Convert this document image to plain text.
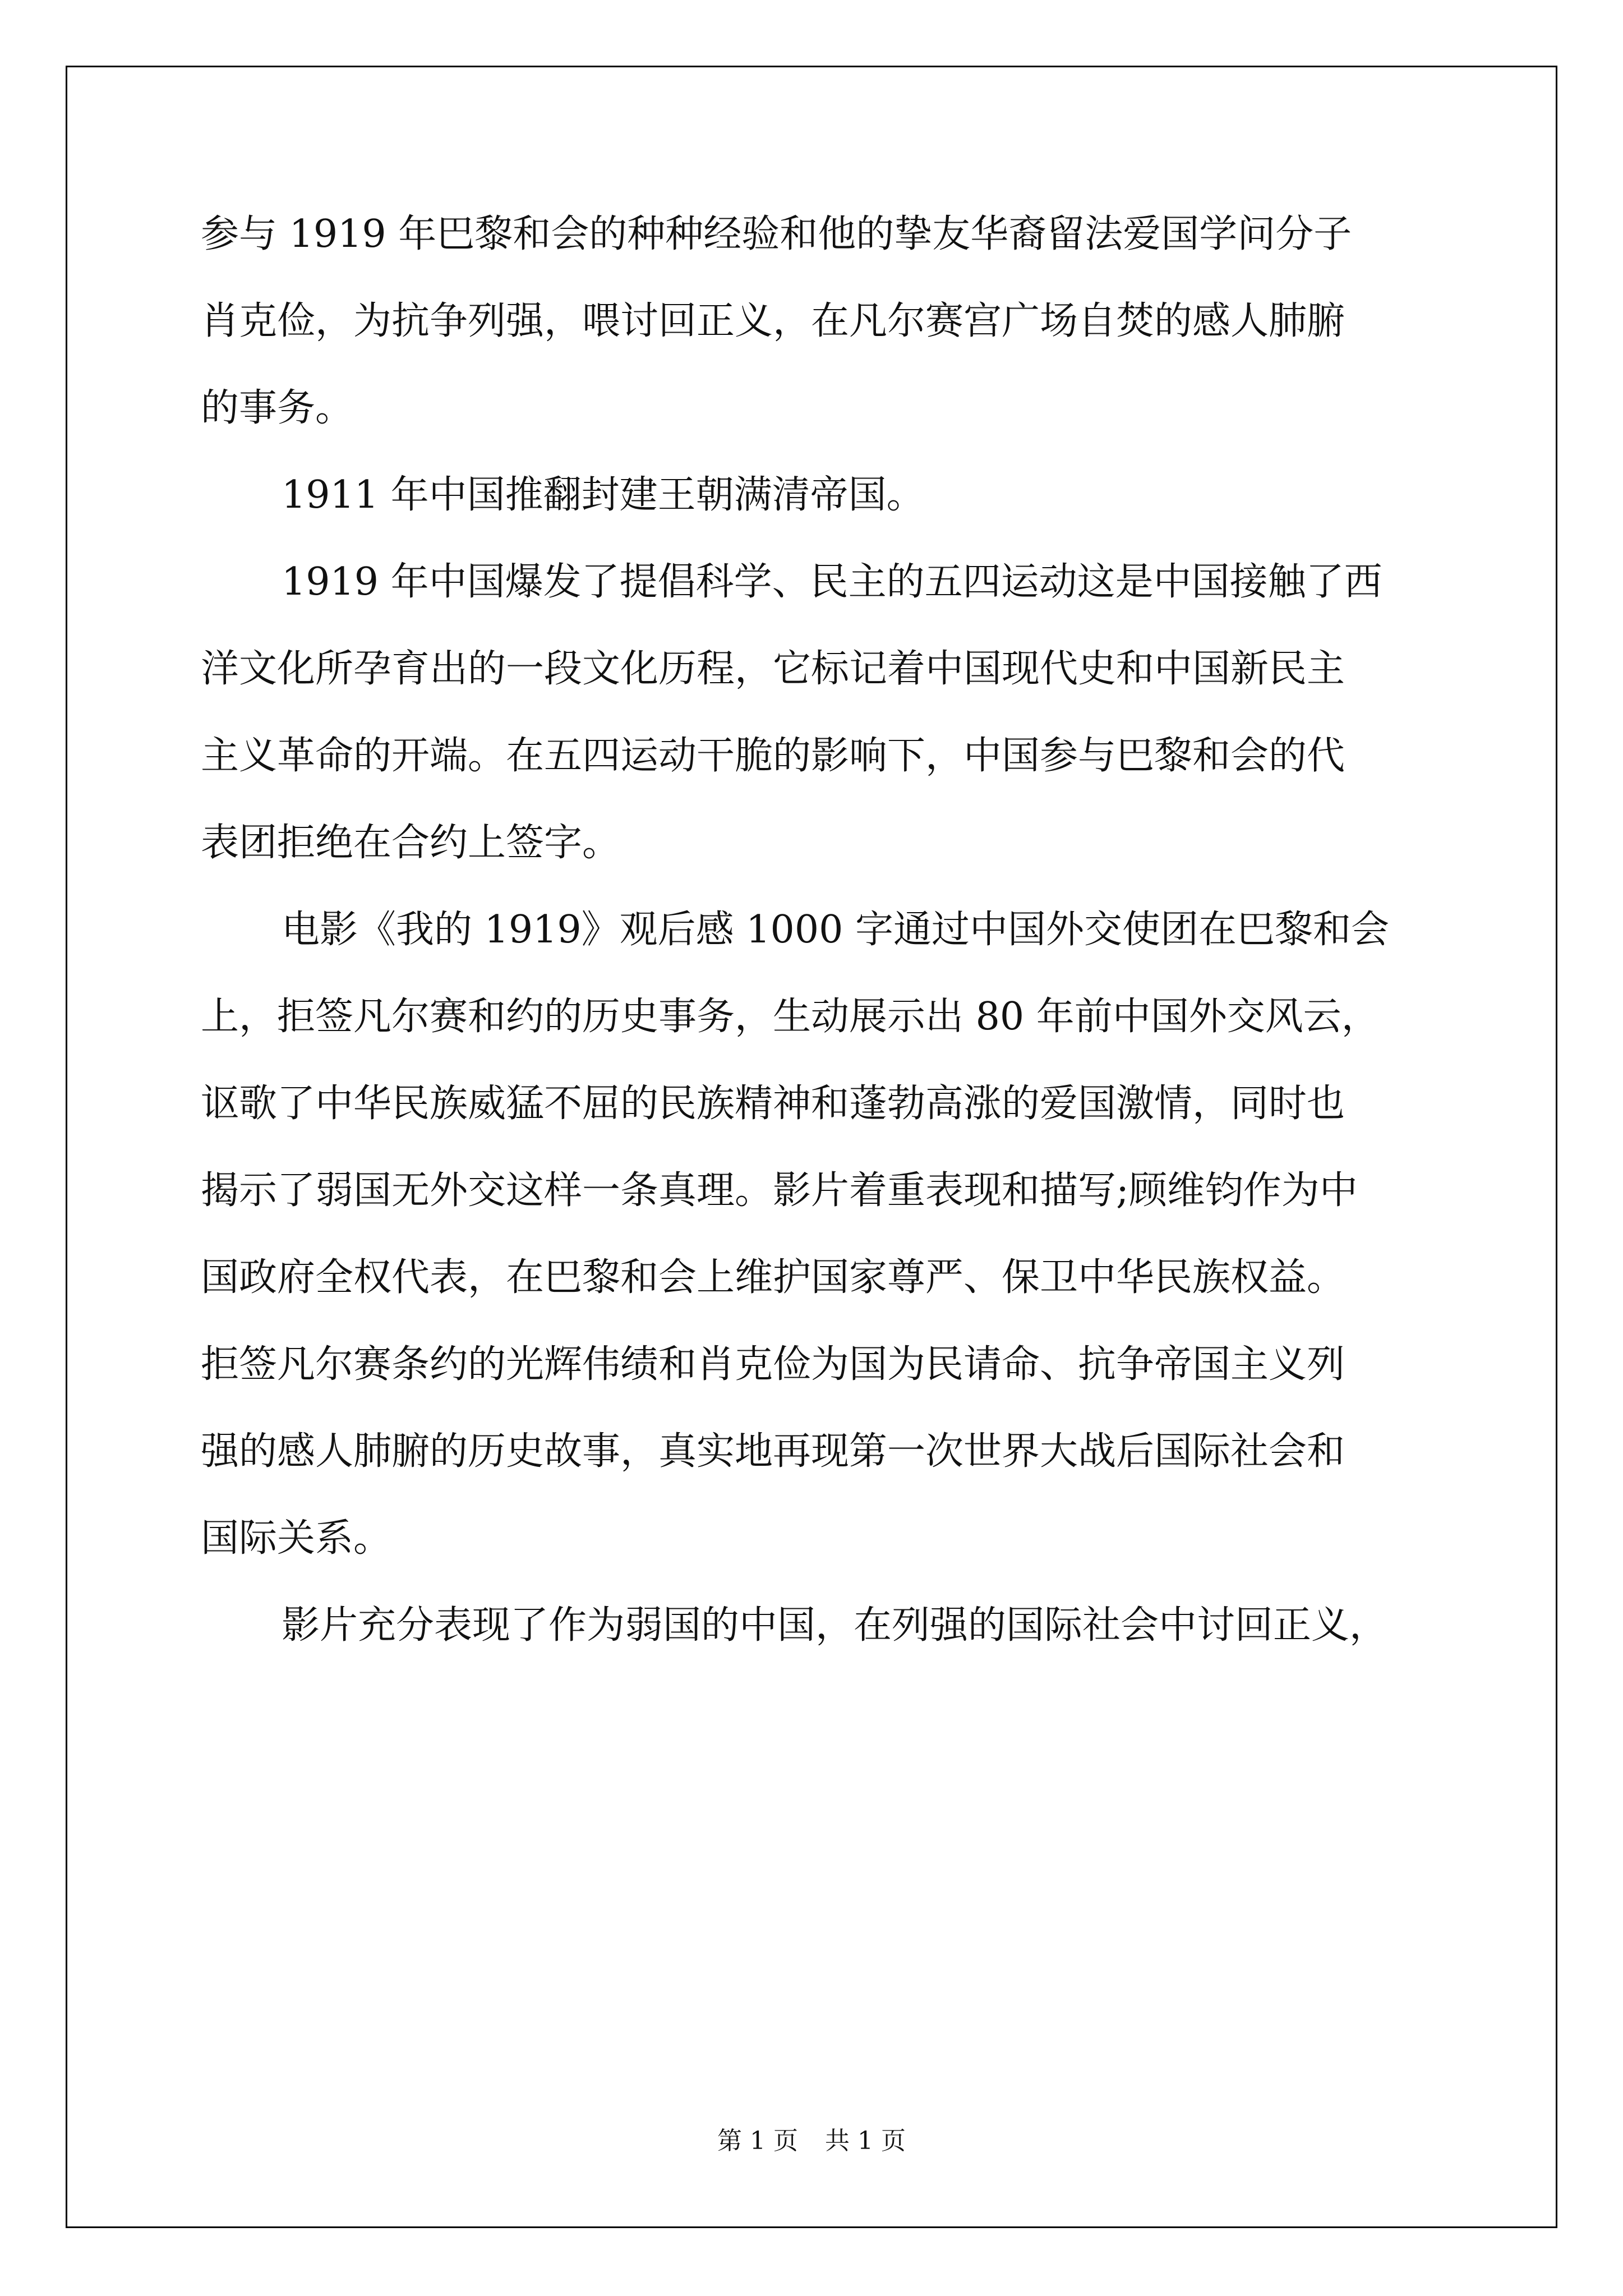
参与 1919 年巴黎和会的种种经验和他的挚友华裔留法爱国学问分子
肖克俭，为抗争列强，喂讨回正义，在凡尔赛宫广场自焚的感人肺腑
的事务。
1911 年中国推翻封建王朝满清帝国。
1919 年中国爆发了提倡科学、民主的五四运动这是中国接触了西
洋文化所孕育出的一段文化历程，它标记着中国现代史和中国新民主
主义革命的开端。在五四运动干脆的影响下，中国参与巴黎和会的代
表团拒绝在合约上签字。
电影《我的 1919》观后感 1000 字通过中国外交使团在巴黎和会
上，拒签凡尔赛和约的历史事务，生动展示出 80 年前中国外交风云，
讴歌了中华民族威猛不屈的民族精神和蓬勃高涨的爱国激情，同时也
揭示了弱国无外交这样一条真理。影片着重表现和描写;顾维钧作为中
国政府全权代表，在巴黎和会上维护国家尊严、保卫中华民族权益。
拒签凡尔赛条约的光辉伟绩和肖克俭为国为民请命、抗争帝国主义列
强的感人肺腑的历史故事，真实地再现第一次世界大战后国际社会和
国际关系。
影片充分表现了作为弱国的中国，在列强的国际社会中讨回正义，
第 1 页 共 1 页
